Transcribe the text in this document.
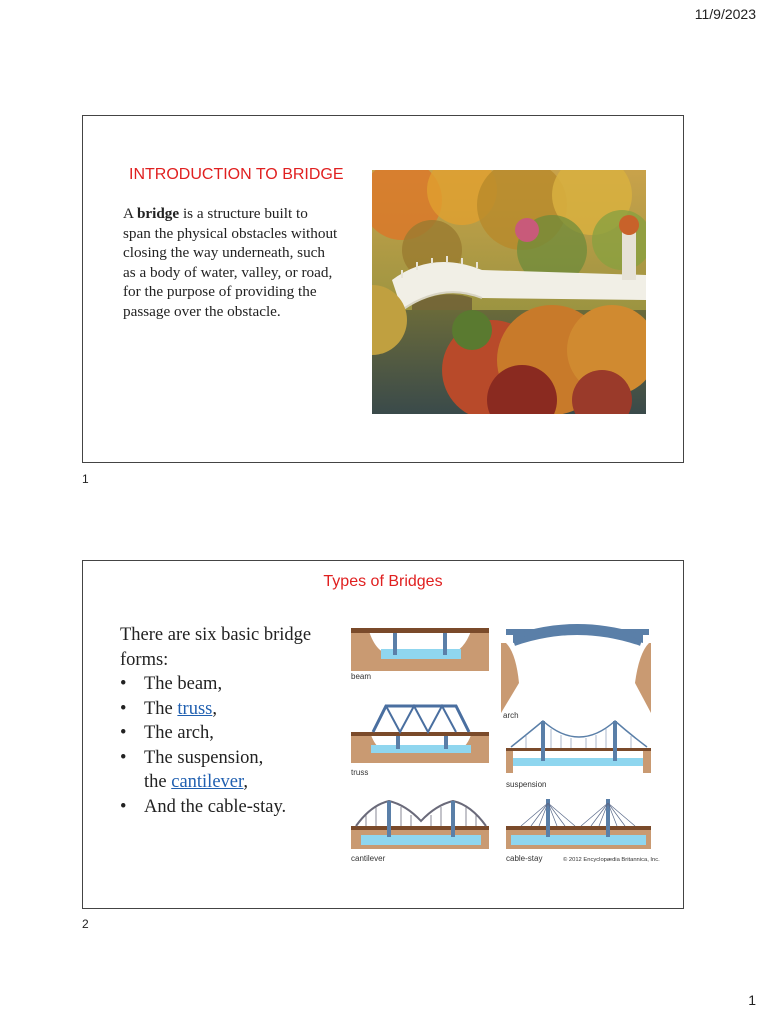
11/9/2023
INTRODUCTION TO BRIDGE
A bridge is a structure built to span the physical obstacles without closing the way underneath, such as a body of water, valley, or road, for the purpose of providing the passage over the obstacle.
1
Types of Bridges
There are six basic bridge forms:
• The beam,
• The truss,
• The arch,
• The suspension,
the cantilever,
• And the cable-stay.
beam
arch
truss
suspension
cantilever	cable-stay	© 2012 Encyclopædia Britannica, Inc.
2
1
